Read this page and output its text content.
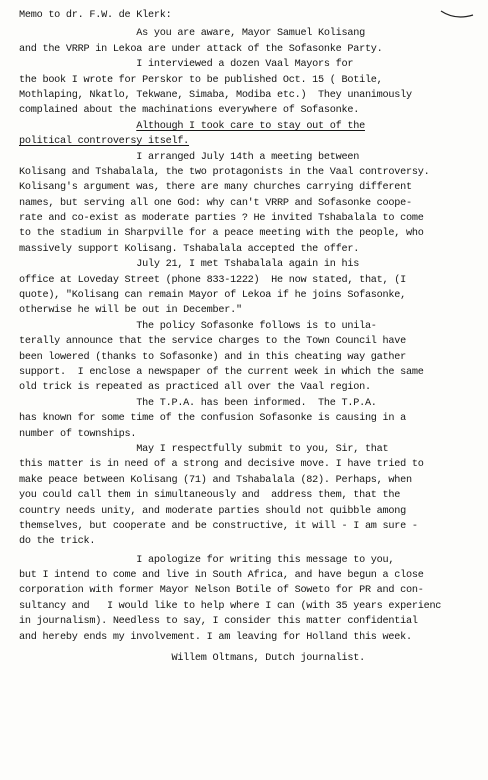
Memo to dr. F.W. de Klerk:
As you are aware, Mayor Samuel Kolisang
and the VRRP in Lekoa are under attack of the Sofasonke Party.
I interviewed a dozen Vaal Mayors for
the book I wrote for Perskor to be published Oct. 15 ( Botile,
Mothlaping, Nkatlo, Tekwane, Simaba, Modiba etc.)  They unanimously
complained about the machinations everywhere of Sofasonke.
Although I took care to stay out of the
political controversy itself.
I arranged July 14th a meeting between
Kolisang and Tshabalala, the two protagonists in the Vaal controversy.
Kolisang's argument was, there are many churches carrying different
names, but serving all one God: why can't VRRP and Sofasonke coope-
rate and co-exist as moderate parties ? He invited Tshabalala to come
to the stadium in Sharpville for a peace meeting with the people, who
massively support Kolisang. Tshabalala accepted the offer.
July 21, I met Tshabalala again in his
office at Loveday Street (phone 833-1222)  He now stated, that, (I
quote), "Kolisang can remain Mayor of Lekoa if he joins Sofasonke,
otherwise he will be out in December."
The policy Sofasonke follows is to unila-
terally announce that the service charges to the Town Council have
been lowered (thanks to Sofasonke) and in this cheating way gather
support.  I enclose a newspaper of the current week in which the same
old trick is repeated as practiced all over the Vaal region.
The T.P.A. has been informed.  The T.P.A.
has known for some time of the confusion Sofasonke is causing in a
number of townships.
May I respectfully submit to you, Sir, that
this matter is in need of a strong and decisive move. I have tried to
make peace between Kolisang (71) and Tshabalala (82). Perhaps, when
you could call them in simultaneously and  address them, that the
country needs unity, and moderate parties should not quibble among
themselves, but cooperate and be constructive, it will - I am sure -
do the trick.
I apologize for writing this message to you,
but I intend to come and live in South Africa, and have begun a close
corporation with former Mayor Nelson Botile of Soweto for PR and con-
sultancy and   I would like to help where I can (with 35 years experienc
in journalism). Needless to say, I consider this matter confidential
and hereby ends my involvement. I am leaving for Holland this week.
Willem Oltmans, Dutch journalist.
